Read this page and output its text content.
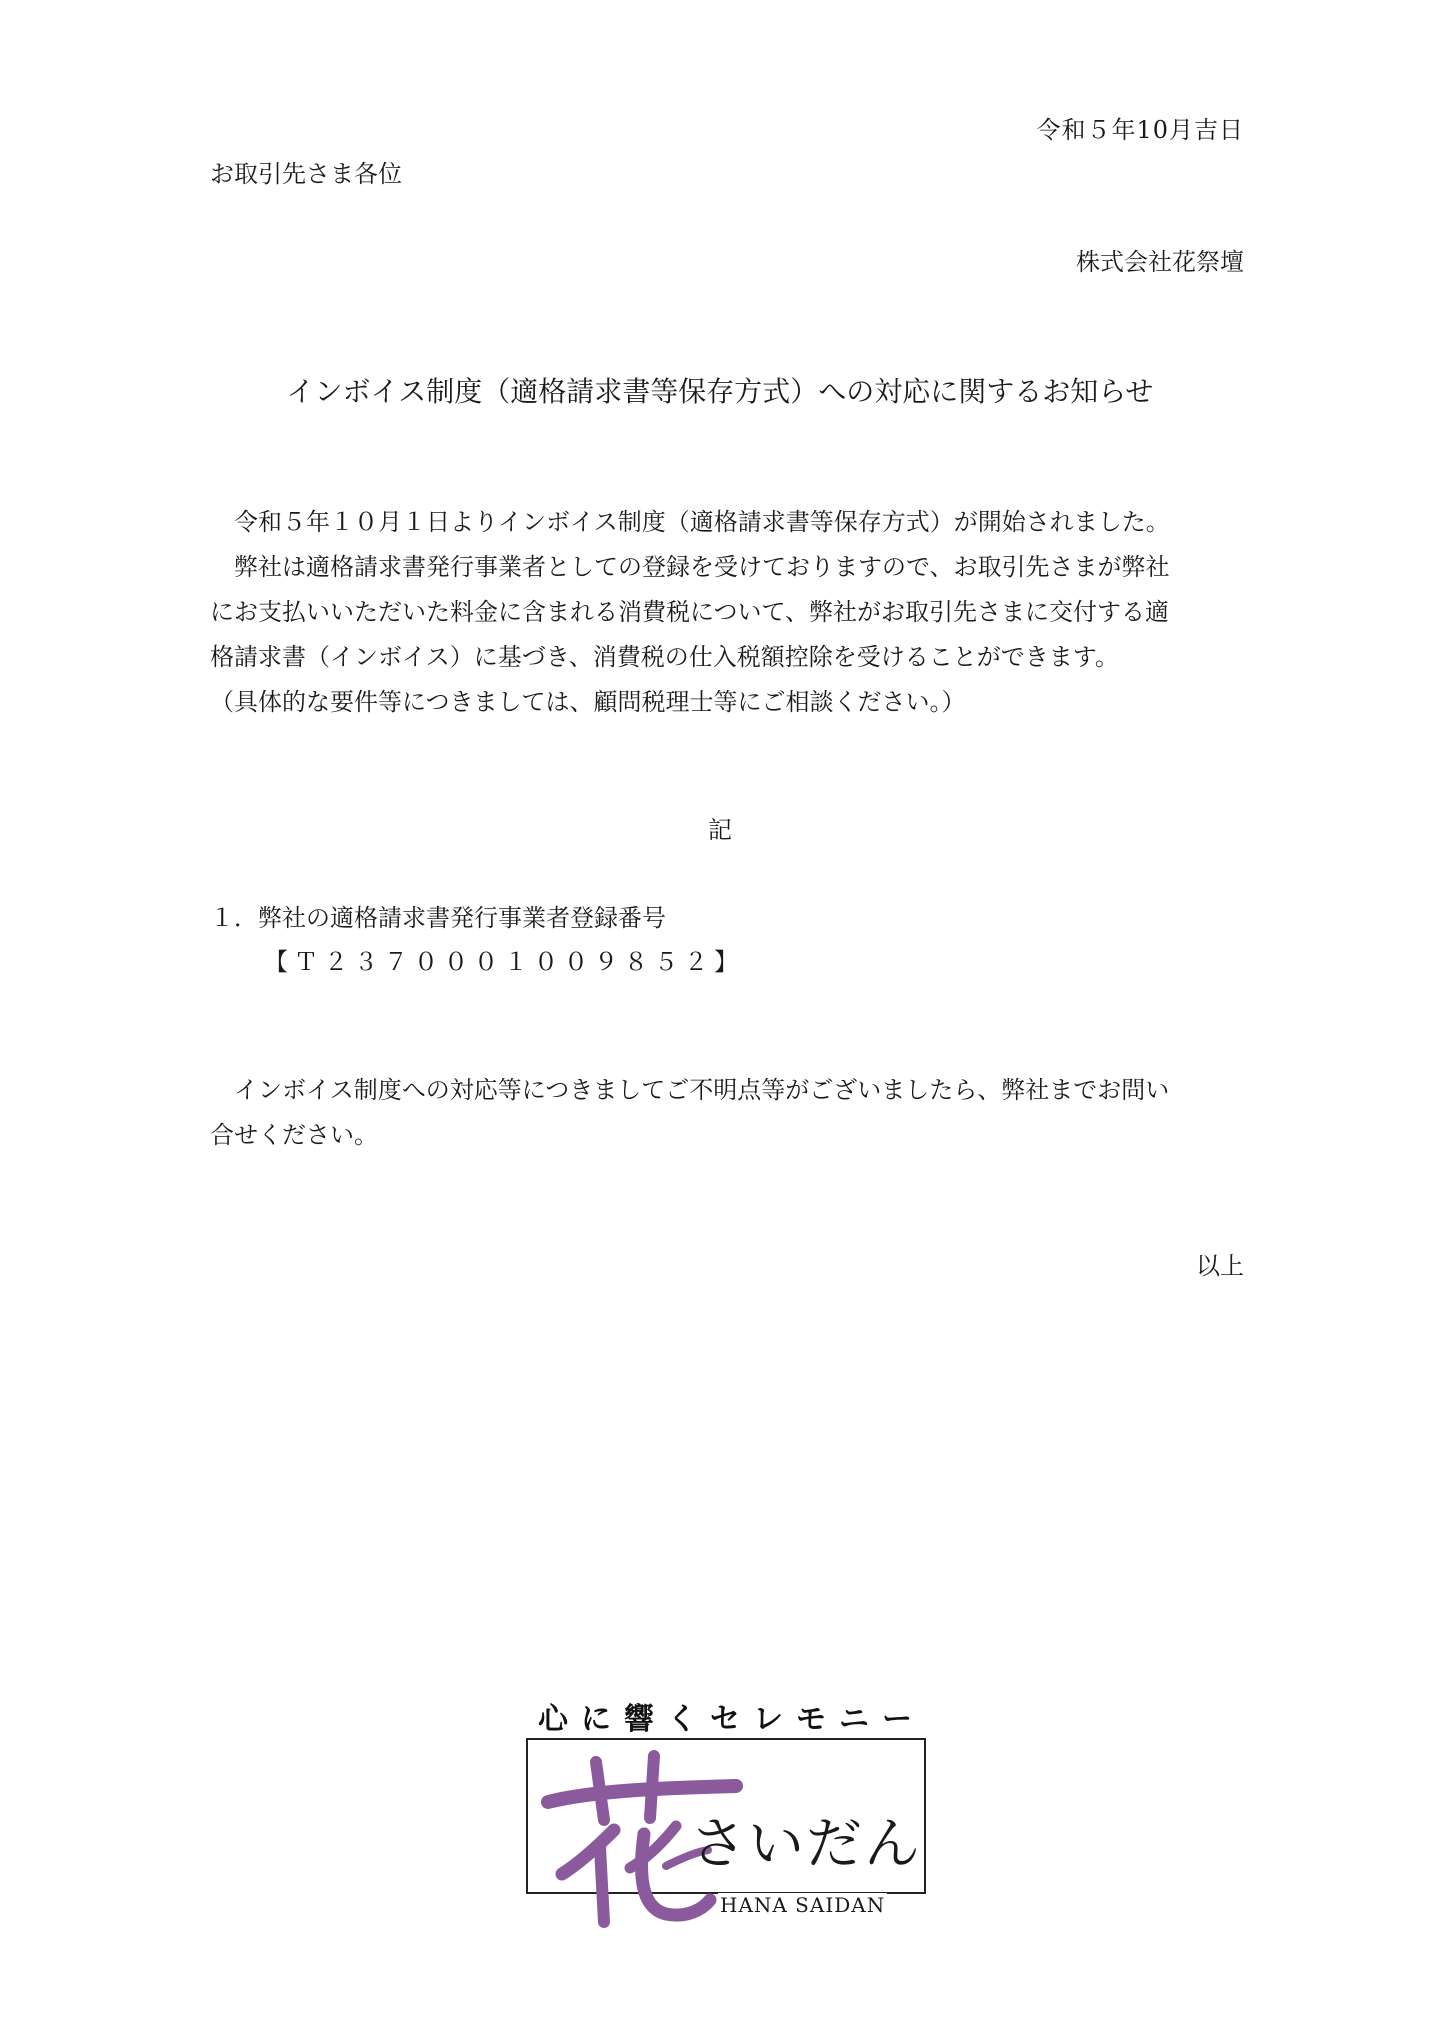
令和５年10月吉日
お取引先さま各位
株式会社花祭壇
インボイス制度（適格請求書等保存方式）への対応に関するお知らせ

令和５年１０月１日よりインボイス制度（適格請求書等保存方式）が開始されました。

弊社は適格請求書発行事業者としての登録を受けておりますので、お取引先さまが弊社

にお支払いいただいた料金に含まれる消費税について、弊社がお取引先さまに交付する適

格請求書（インボイス）に基づき、消費税の仕入税額控除を受けることができます。

（具体的な要件等につきましては、顧問税理士等にご相談ください。）

記
１．弊社の適格請求書発行事業者登録番号
【Ｔ２３７０００１００９８５２】

インボイス制度への対応等につきましてご不明点等がございましたら、弊社までお問い

合せください。

以上
心に響くセレモニー
さいだん
HANA SAIDAN
